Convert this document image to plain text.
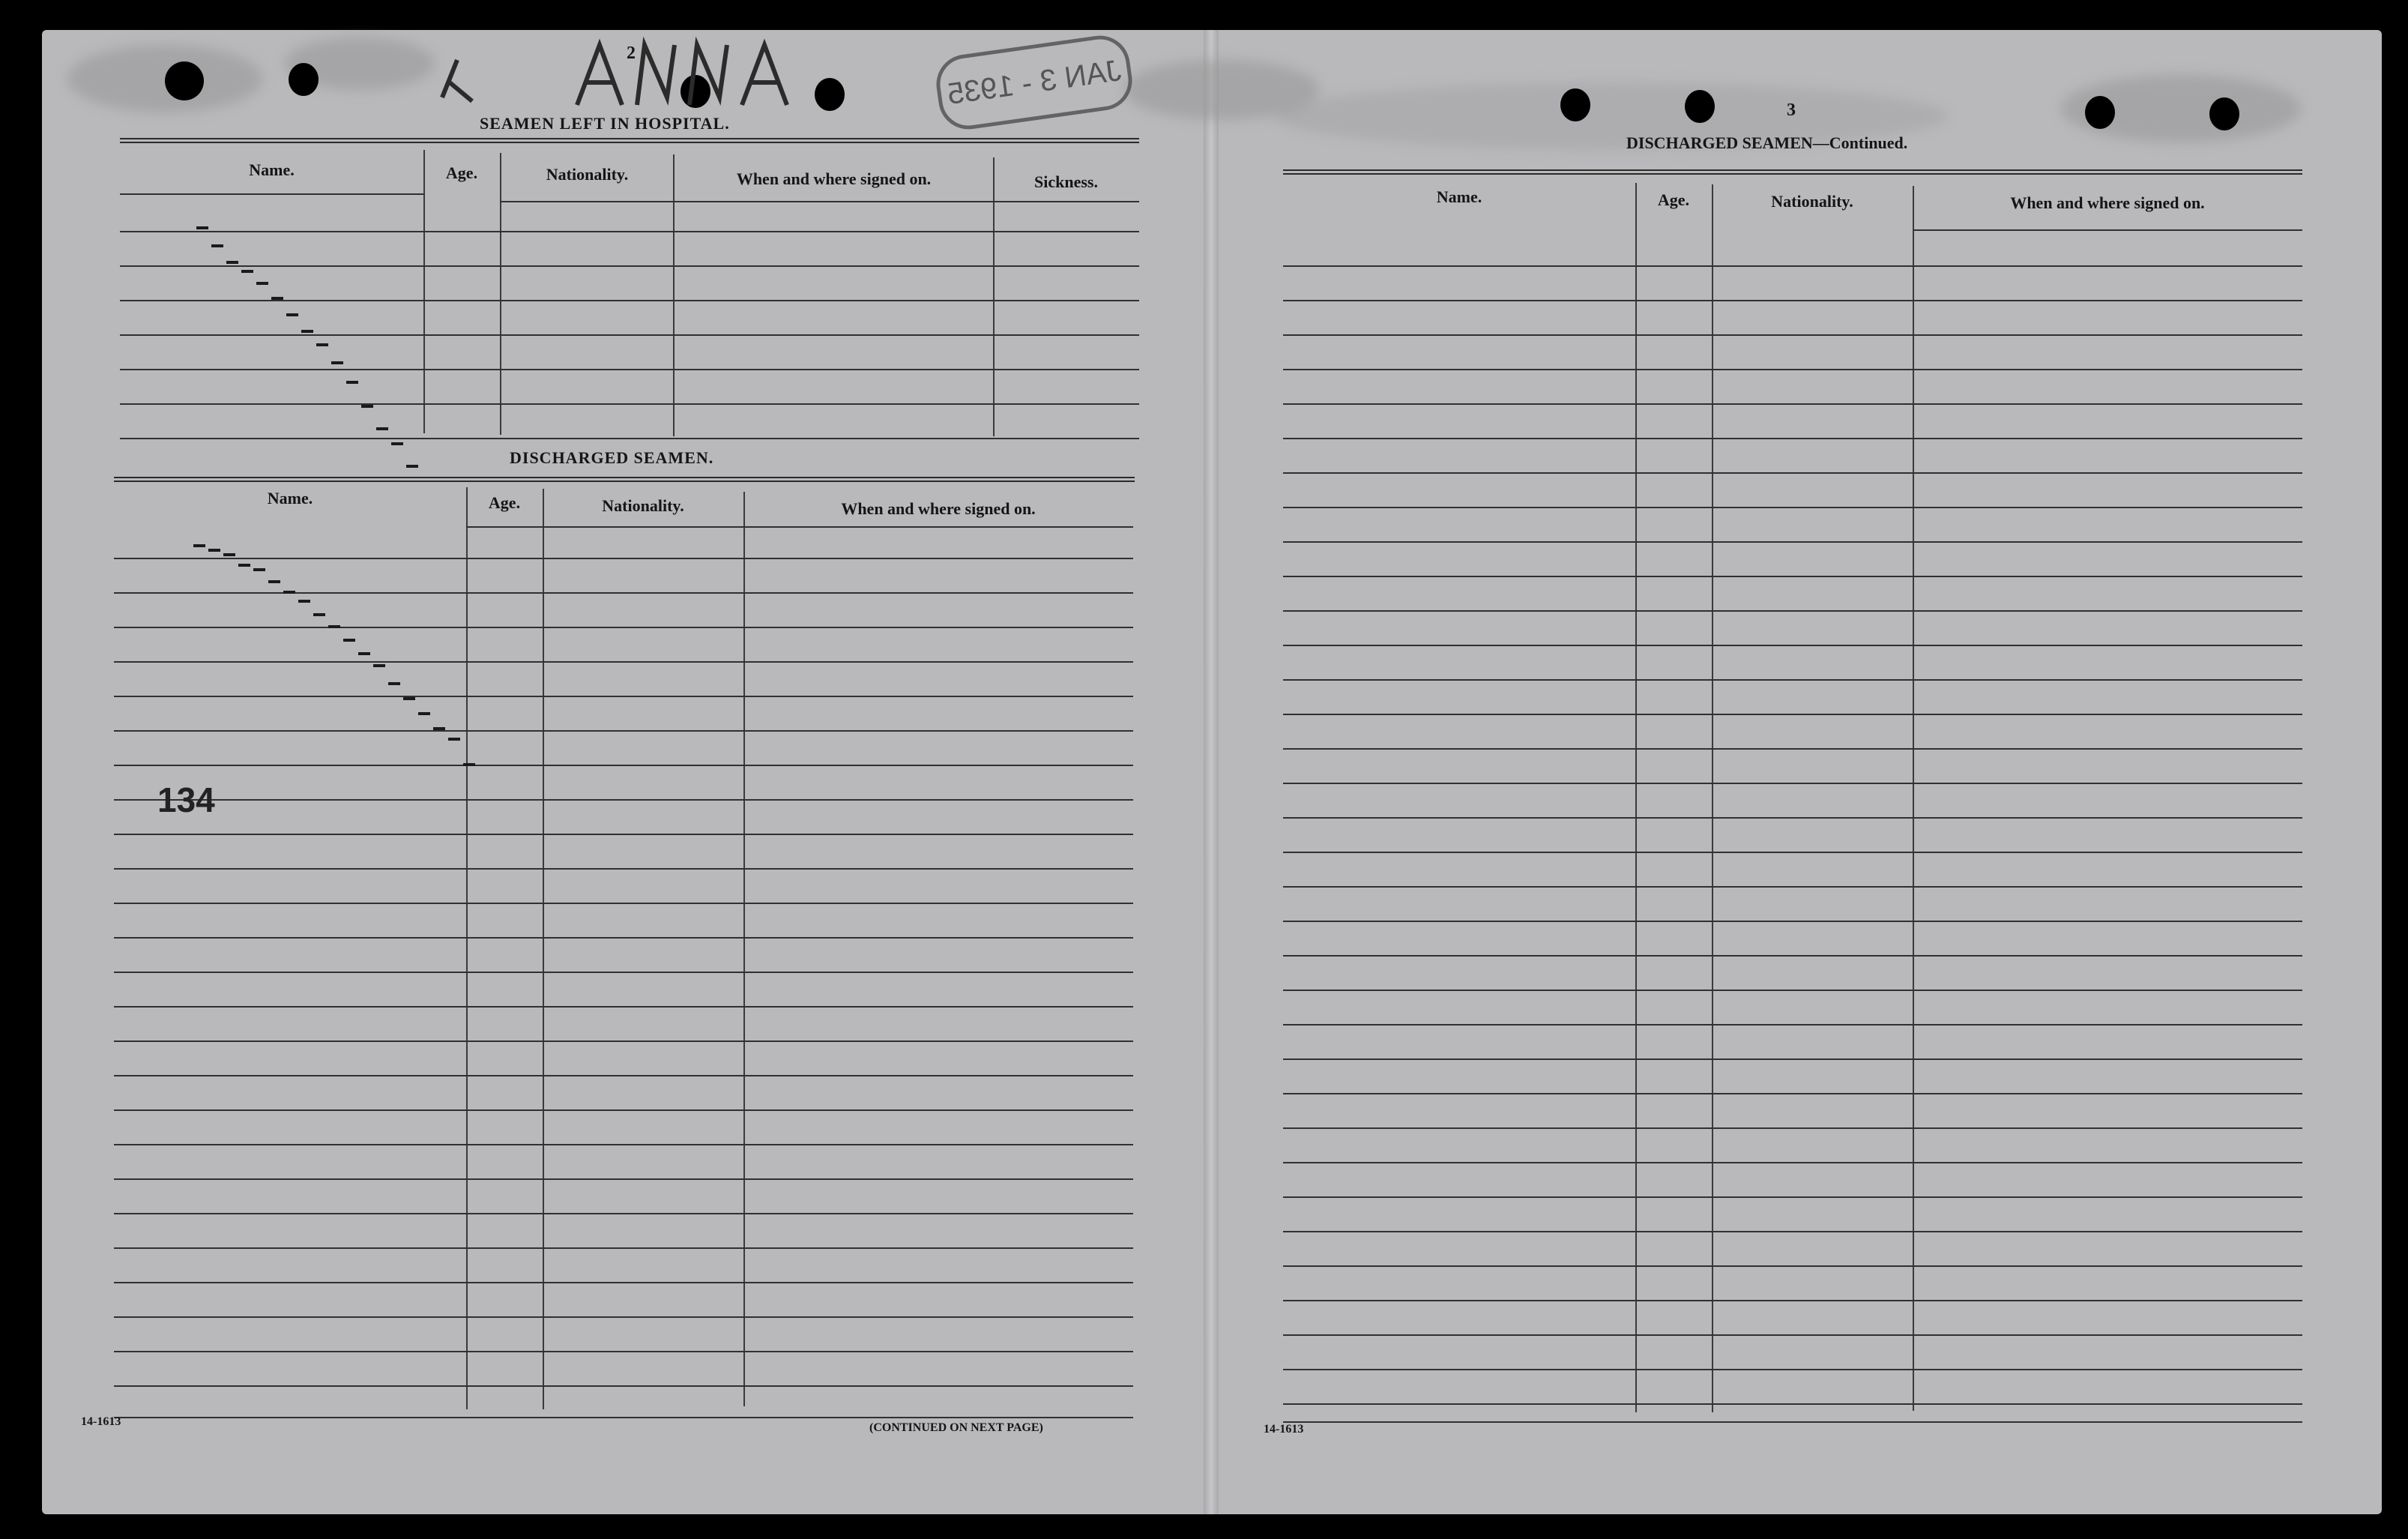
JAN 3 - 1935
2
SEAMEN LEFT IN HOSPITAL.
Name.	Age.	Nationality.	When and where signed on.	Sickness.
DISCHARGED SEAMEN.
Name.	Age.	Nationality.	When and where signed on.
134
14-1613	(CONTINUED ON NEXT PAGE)
3
DISCHARGED SEAMEN—Continued.
Name.	Age.	Nationality.	When and where signed on.
14-1613
